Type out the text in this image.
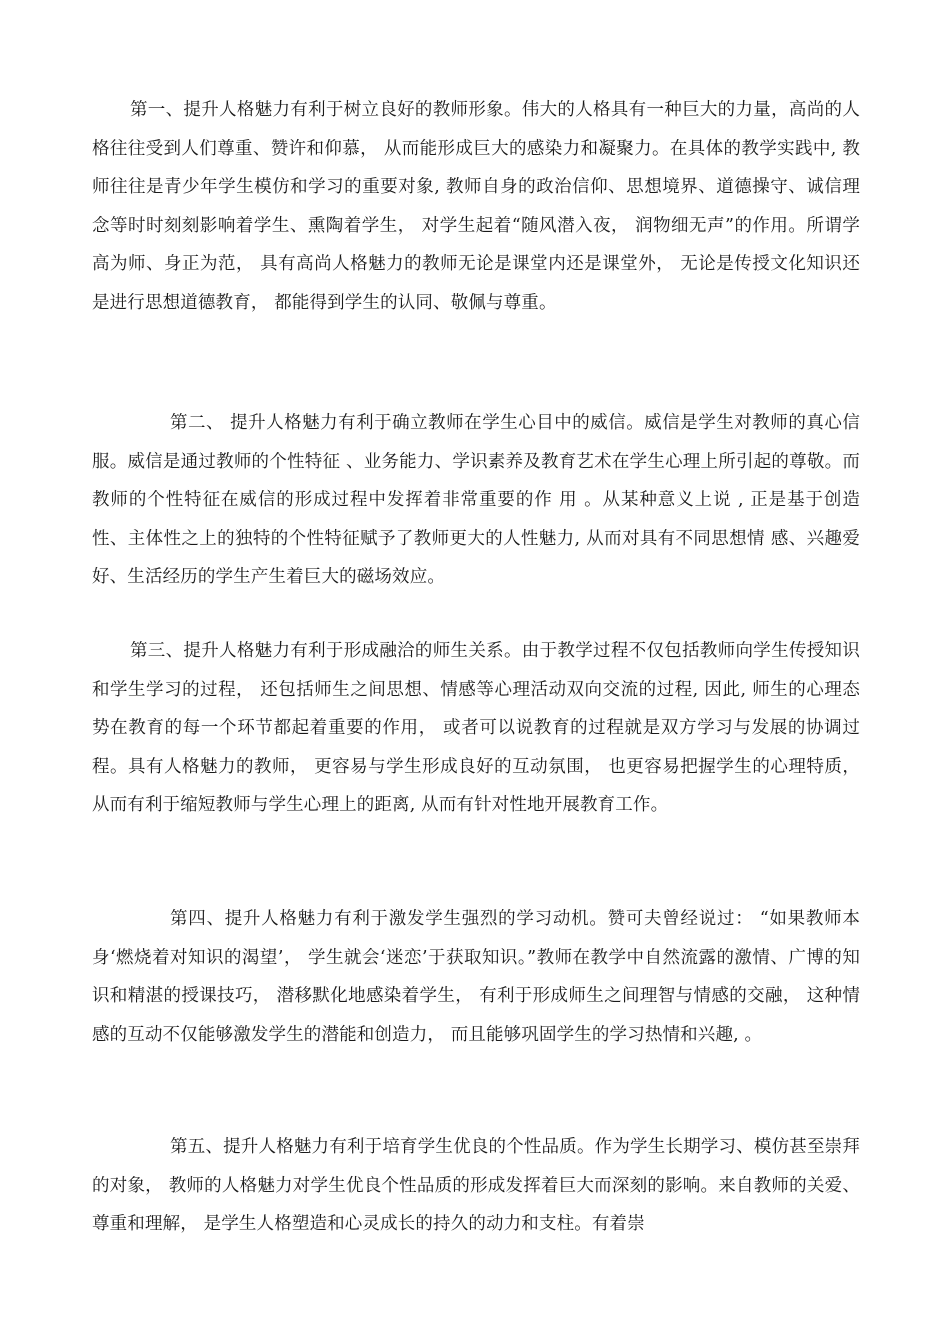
第一、提升人格魅力有利于树立良好的教师形象。伟大的人格具有一种巨大的力量，高尚的人格往往受到人们尊重、赞许和仰慕， 从而能形成巨大的感染力和凝聚力。在具体的教学实践中, 教师往往是青少年学生模仿和学习的重要对象, 教师自身的政治信仰、思想境界、道德操守、诚信理念等时时刻刻影响着学生、熏陶着学生， 对学生起着“随风潜入夜， 润物细无声”的作用。所谓学高为师、身正为范， 具有高尚人格魅力的教师无论是课堂内还是课堂外， 无论是传授文化知识还是进行思想道德教育， 都能得到学生的认同、敬佩与尊重。

第二、 提升人格魅力有利于确立教师在学生心目中的威信。威信是学生对教师的真心信服。威信是通过教师的个性特征 、业务能力、学识素养及教育艺术在学生心理上所引起的尊敬。而教师的个性特征在威信的形成过程中发挥着非常重要的作 用 。从某种意义上说 , 正是基于创造性、主体性之上的独特的个性特征赋予了教师更大的人性魅力, 从而对具有不同思想情 感、兴趣爱好、生活经历的学生产生着巨大的磁场效应。

第三、提升人格魅力有利于形成融洽的师生关系。由于教学过程不仅包括教师向学生传授知识和学生学习的过程， 还包括师生之间思想、情感等心理活动双向交流的过程, 因此, 师生的心理态势在教育的每一个环节都起着重要的作用， 或者可以说教育的过程就是双方学习与发展的协调过程。具有人格魅力的教师， 更容易与学生形成良好的互动氛围， 也更容易把握学生的心理特质， 从而有利于缩短教师与学生心理上的距离, 从而有针对性地开展教育工作。

第四、提升人格魅力有利于激发学生强烈的学习动机。赞可夫曾经说过： “如果教师本身‘燃烧着对知识的渴望’， 学生就会‘迷恋’于获取知识。”教师在教学中自然流露的激情、广博的知识和精湛的授课技巧， 潜移默化地感染着学生， 有利于形成师生之间理智与情感的交融， 这种情感的互动不仅能够激发学生的潜能和创造力， 而且能够巩固学生的学习热情和兴趣, 。

第五、提升人格魅力有利于培育学生优良的个性品质。作为学生长期学习、模仿甚至崇拜的对象， 教师的人格魅力对学生优良个性品质的形成发挥着巨大而深刻的影响。来自教师的关爱、尊重和理解， 是学生人格塑造和心灵成长的持久的动力和支柱。有着崇
